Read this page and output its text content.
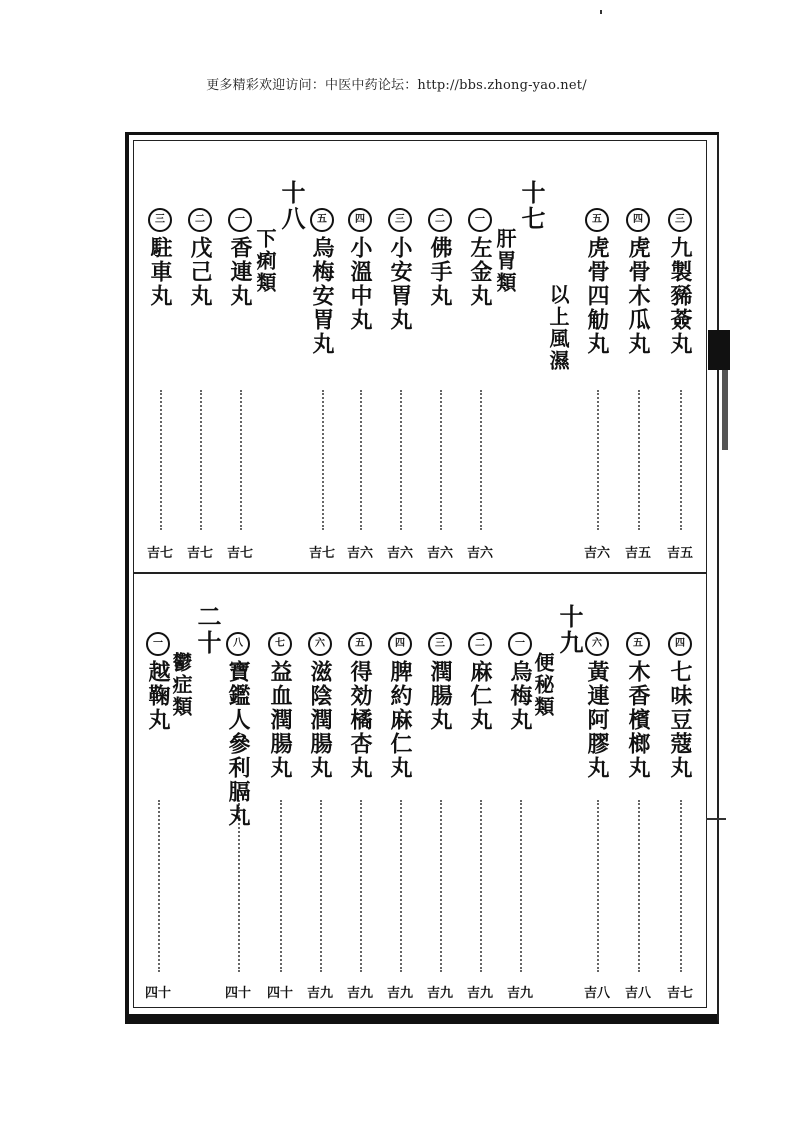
更多精彩欢迎访问：中医中药论坛：http://bbs.zhong-yao.net/
吉五
三
九製豨薟丸
吉五
四
虎骨木瓜丸
吉六
五
虎骨四觔丸
以上風濕
肝胃類
十七
吉六
一
左金丸
吉六
二
佛手丸
吉六
三
小安胃丸
吉六
四
小溫中丸
吉七
五
烏梅安胃丸
下痢類
十八
吉七
一
香連丸
吉七
二
戊己丸
吉七
三
駐車丸
吉七
四
七味豆蔻丸
吉八
五
木香檳榔丸
吉八
六
黃連阿膠丸
便秘類
十九
吉九
一
烏梅丸
吉九
二
麻仁丸
吉九
三
潤腸丸
吉九
四
脾約麻仁丸
吉九
五
得効橘杏丸
吉九
六
滋陰潤腸丸
四十
七
益血潤腸丸
四十
八
寶鑑人參利膈丸
鬱症類
二十
四十
一
越鞠丸
